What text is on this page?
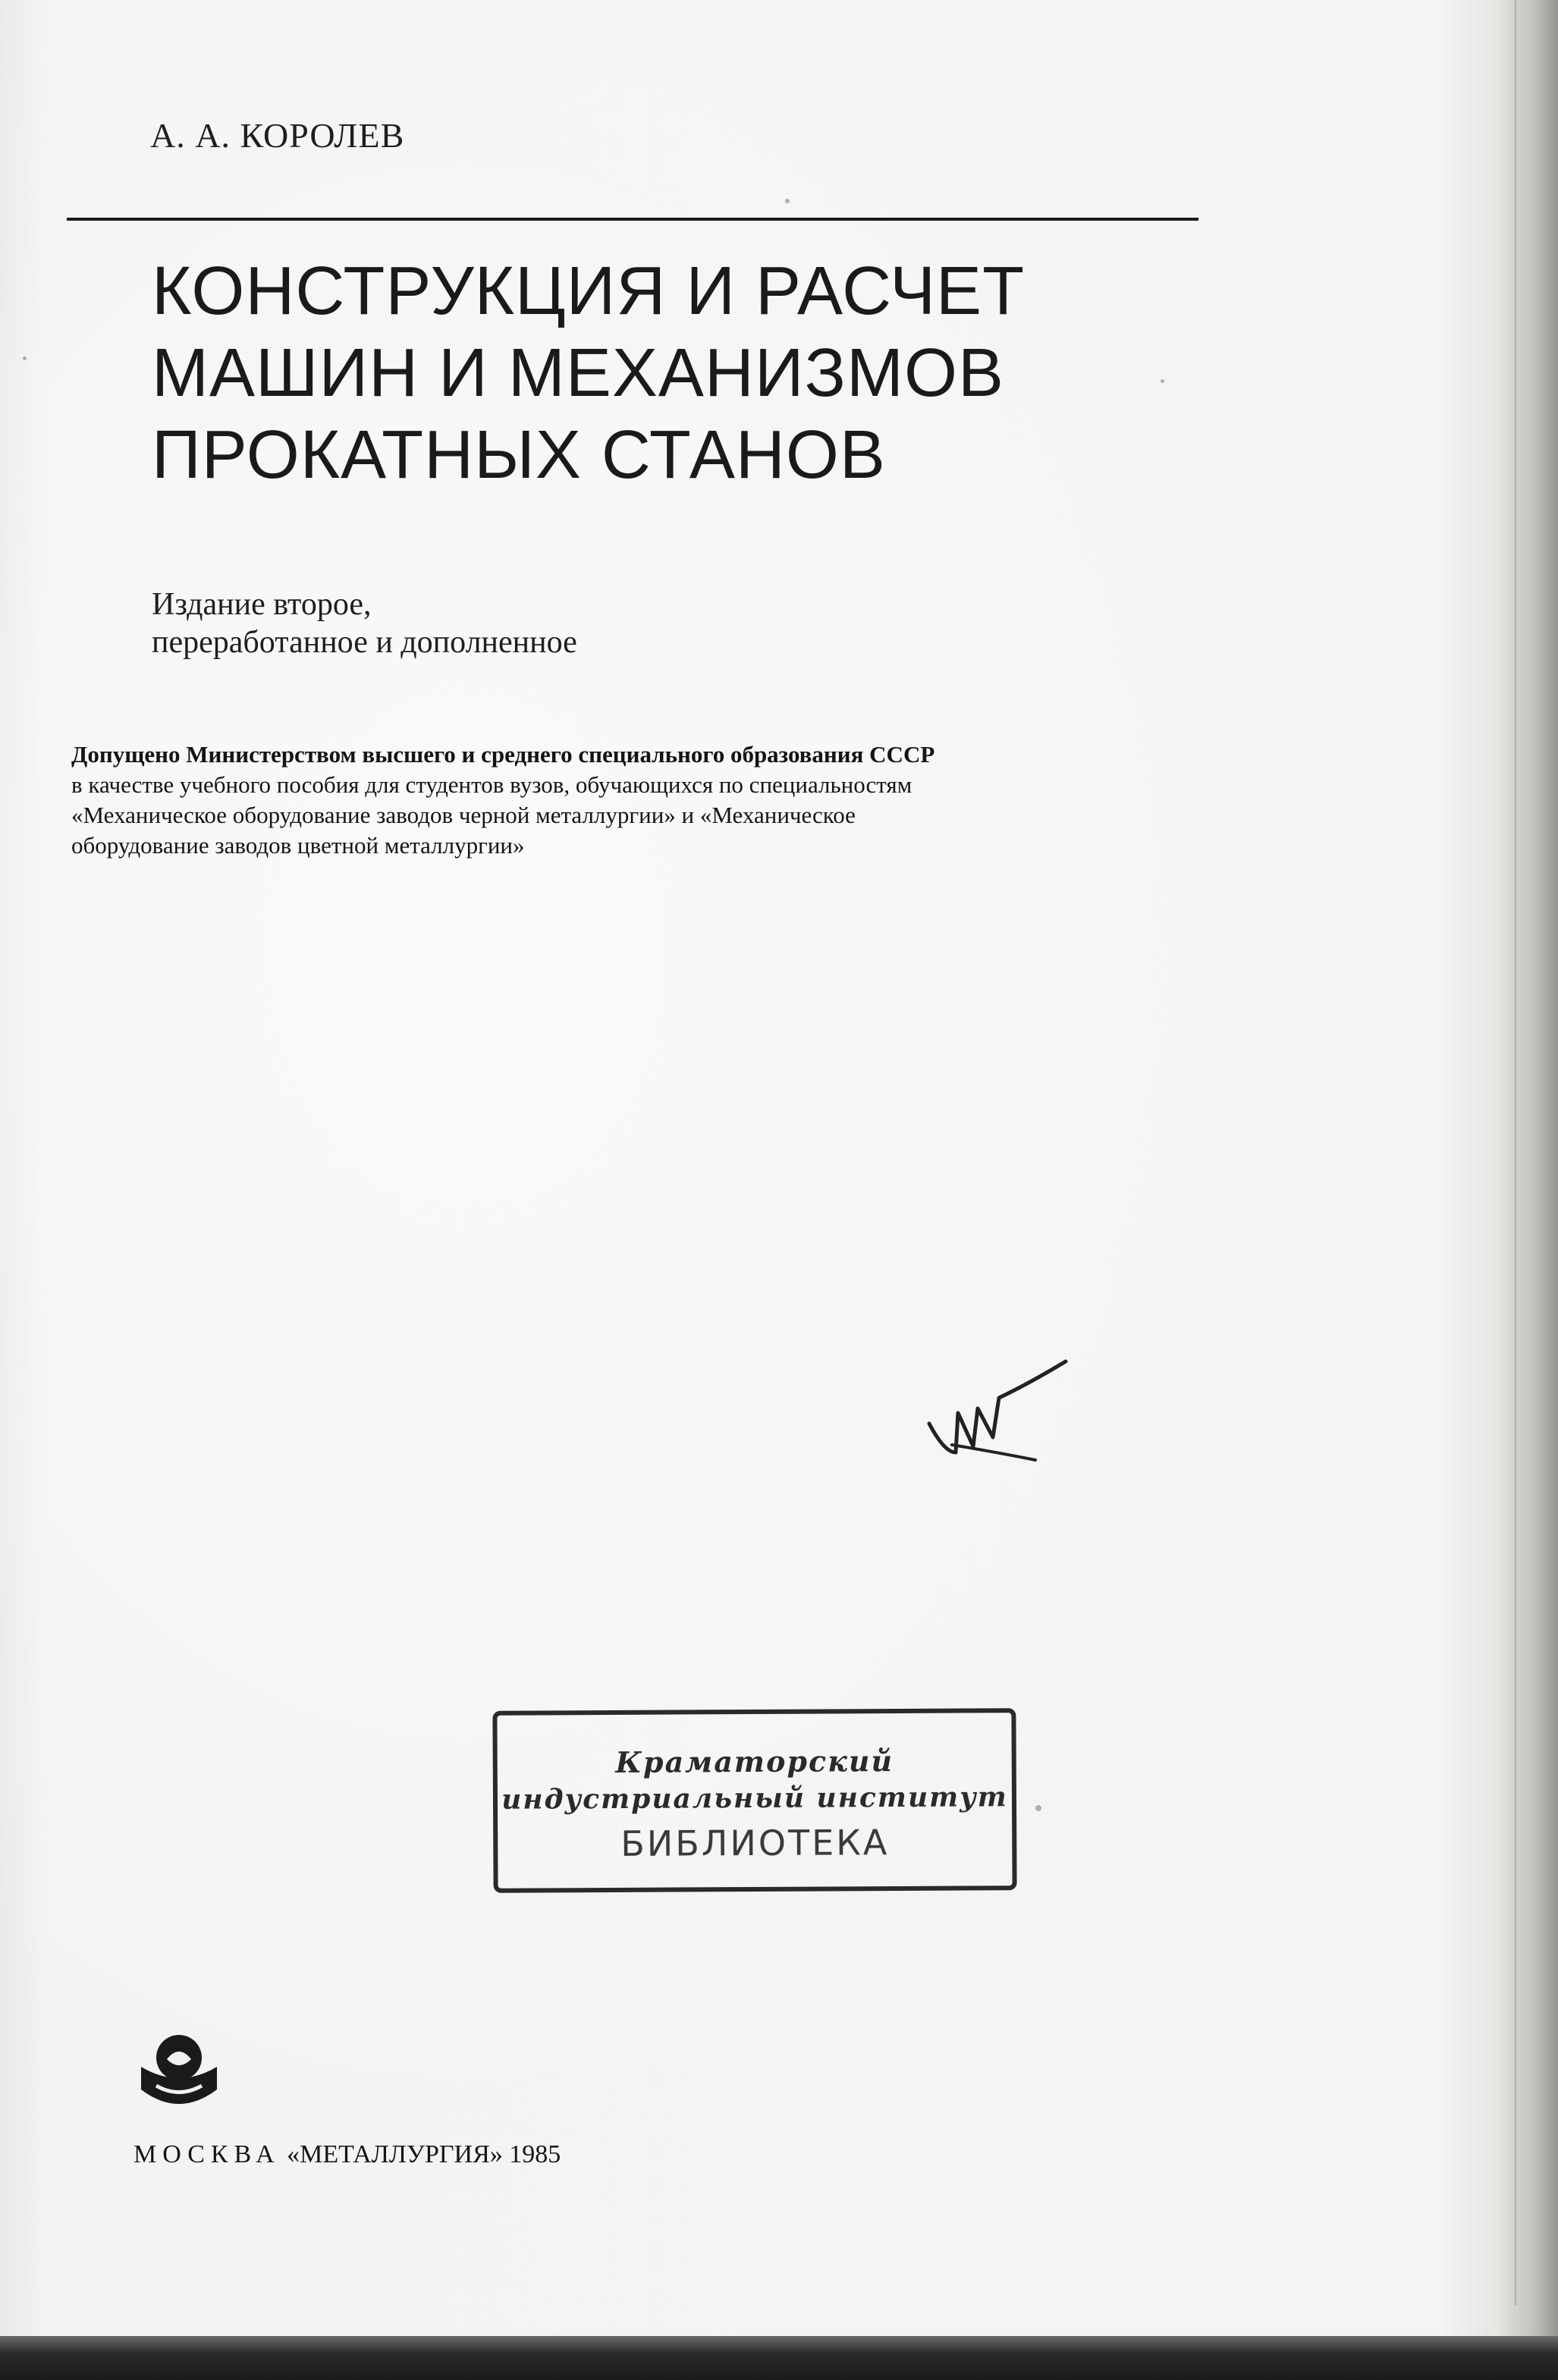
А. А. КОРОЛЕВ
КОНСТРУКЦИЯ И РАСЧЕТ
МАШИН И МЕХАНИЗМОВ
ПРОКАТНЫХ СТАНОВ
Издание второе,
переработанное и дополненное
Допущено Министерством высшего и среднего специального образования СССР
в качестве учебного пособия для студентов вузов, обучающихся по специальностям
«Механическое оборудование заводов черной металлургии» и «Механическое
оборудование заводов цветной металлургии»
Краматорский
индустриальный институт
БИБЛИОТЕКА
МОСКВА «МЕТАЛЛУРГИЯ» 1985
